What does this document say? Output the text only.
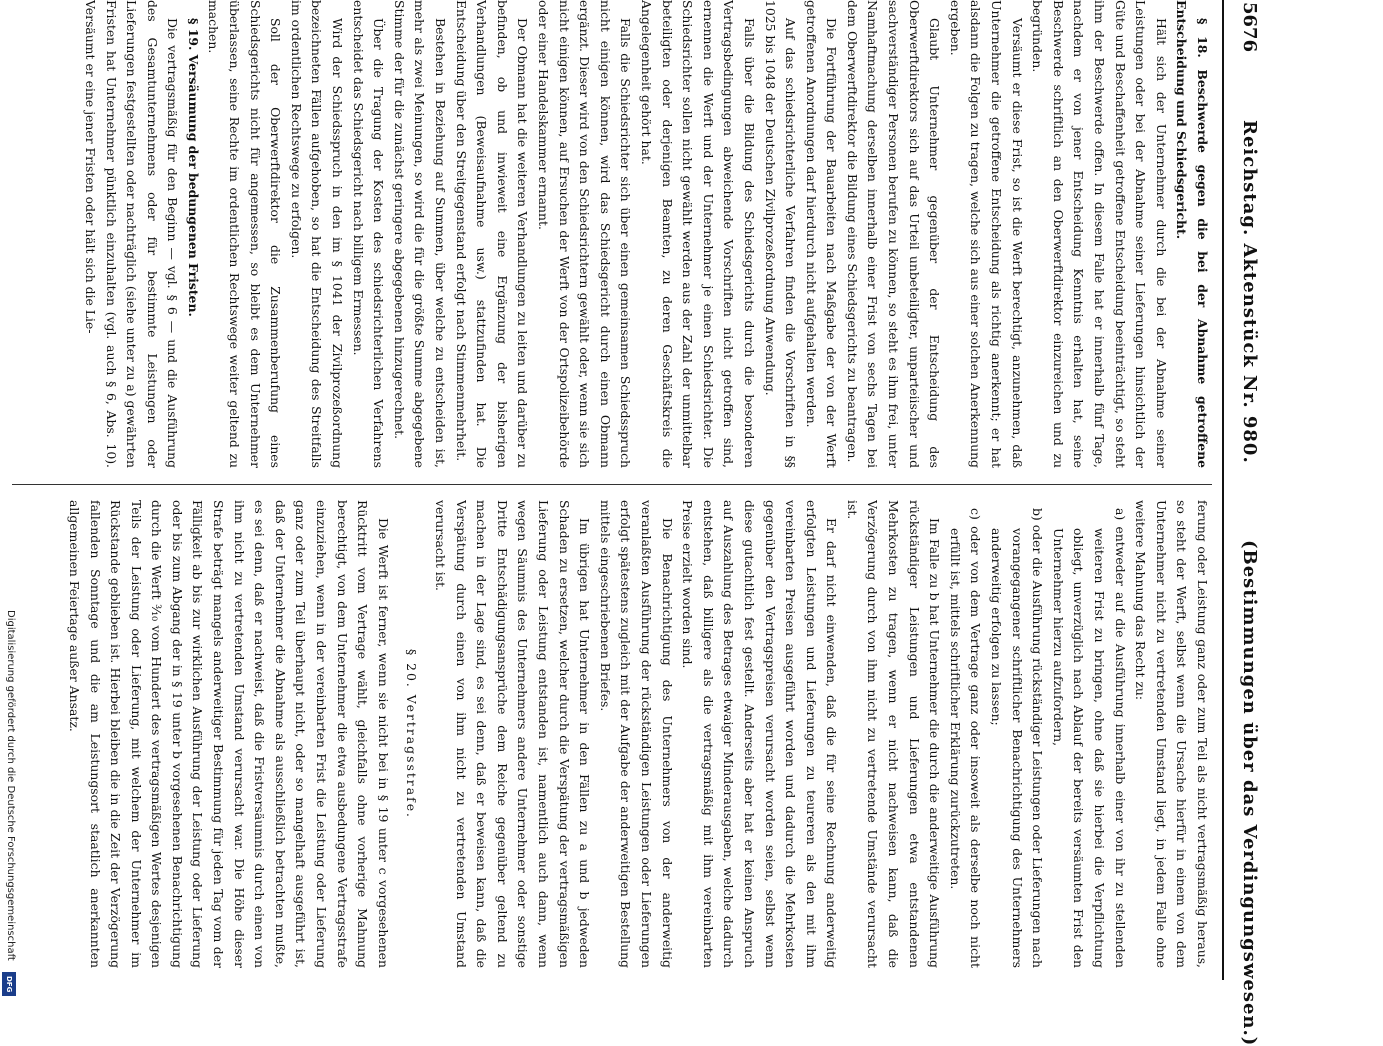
5676
Reichstag. Aktenstück Nr. 980.
(Bestimmungen über das Verdingungswesen.)

§ 18. Beschwerde gegen die bei der Abnahme getroffene Entscheidung und Schiedsgericht.

Hält sich der Unternehmer durch die bei der Abnahme seiner Leistungen oder bei der Abnahme seiner Lieferungen hinsichtlich der Güte und Beschaffenheit getroffene Entscheidung beeinträchtigt, so steht ihm der Beschwerde offen. In diesem Falle hat er innerhalb fünf Tage, nachdem er von jener Entscheidung Kenntnis erhalten hat, seine Beschwerde schriftlich an den Oberwerftdirektor einzureichen und zu begründen.

Versäumt er diese Frist, so ist die Werft berechtigt, anzunehmen, daß Unternehmer die getroffene Entscheidung als richtig anerkennt; er hat alsdann die Folgen zu tragen, welche sich aus einer solchen Anerkennung ergeben.

Glaubt Unternehmer gegenüber der Entscheidung des Oberwerftdirektors sich auf das Urteil unbeteiligter, unparteiischer und sachverständiger Personen berufen zu können, so steht es ihm frei, unter Namhaftmachung derselben innerhalb einer Frist von sechs Tagen bei dem Oberwerftdirektor die Bildung eines Schiedsgerichts zu beantragen.

Die Fortführung der Bauarbeiten nach Maßgabe der von der Werft getroffenen Anordnungen darf hierdurch nicht aufgehalten werden.

Auf das schiedsrichterliche Verfahren finden die Vorschriften in §§ 1025 bis 1048 der Deutschen Zivilprozeßordnung Anwendung.

Falls über die Bildung des Schiedsgerichts durch die besonderen Vertragsbedingungen abweichende Vorschriften nicht getroffen sind, ernennen die Werft und der Unternehmer je einen Schiedsrichter. Die Schiedsrichter sollen nicht gewählt werden aus der Zahl der unmittelbar beteiligten oder derjenigen Beamten, zu deren Geschäftskreis die Angelegenheit gehört hat.

Falls die Schiedsrichter sich über einen gemeinsamen Schiedsspruch nicht einigen können, wird das Schiedsgericht durch einen Obmann ergänzt. Dieser wird von den Schiedsrichtern gewählt oder, wenn sie sich nicht einigen können, auf Ersuchen der Werft von der Ortspolizeibehörde oder einer Handelskammer ernannt.

Der Obmann hat die weiteren Verhandlungen zu leiten und darüber zu befinden, ob und inwieweit eine Ergänzung der bisherigen Verhandlungen (Beweisaufnahme usw.) stattzufinden hat. Die Entscheidung über den Streitgegenstand erfolgt nach Stimmenmehrheit.

Bestehen in Beziehung auf Summen, über welche zu entscheiden ist, mehr als zwei Meinungen, so wird die für die größte Summe abgegebene Stimme der für die zunächst geringere abgegebenen hinzugerechnet.

Über die Tragung der Kosten des schiedsrichterlichen Verfahrens entscheidet das Schiedsgericht nach billigem Ermessen.

Wird der Schiedsspruch in den im § 1041 der Zivilprozeßordnung bezeichneten Fällen aufgehoben, so hat die Entscheidung des Streitfalls im ordentlichen Rechtswege zu erfolgen.

Soll der Oberwerftdirektor die Zusammenberufung eines Schiedsgerichts nicht für angemessen, so bleibt es dem Unternehmer überlassen, seine Rechte im ordentlichen Rechtswege weiter geltend zu machen.

§ 19. Versäumung der bedungenen Fristen.

Die vertragsmäßig für den Beginn — vgl. § 6 — und die Ausführung des Gesamtunternehmens oder für bestimmte Leistungen oder Lieferungen festgestellten oder nachträglich (siehe unter zu a) gewährten Fristen hat Unternehmer pünktlich einzuhalten (vgl. auch § 6, Abs. 10). Versäumt er eine jener Fristen oder hält sich die Lie-

ferung oder Leistung ganz oder zum Teil als nicht vertragsmäßig heraus, so steht der Werft, selbst wenn die Ursache hierfür in einem von dem Unternehmer nicht zu vertretenden Umstand liegt, in jedem Falle ohne weitere Mahnung das Recht zu:

a) entweder auf die Ausführung innerhalb einer von ihr zu stellenden weiteren Frist zu bringen, ohne daß sie hierbei die Verpflichtung obliegt, unverzüglich nach Ablauf der bereits versäumten Frist den Unternehmer hierzu aufzufordern,

b) oder die Ausführung rückständiger Leistungen oder Lieferungen nach vorangegangener schriftlicher Benachrichtigung des Unternehmers anderweitig erfolgen zu lassen;

c) oder von dem Vertrage ganz oder insoweit als derselbe noch nicht erfüllt ist, mittels schriftlicher Erklärung zurückzutreten.

Im Falle zu b hat Unternehmer die durch die anderweitige Ausführung rückständiger Leistungen und Lieferungen etwa entstandenen Mehrkosten zu tragen, wenn er nicht nachweisen kann, daß die Verzögerung durch von ihm nicht zu vertretende Umstände verursacht ist.

Er darf nicht einwenden, daß die für seine Rechnung anderweitig erfolgten Leistungen und Lieferungen zu teureren als den mit ihm vereinbarten Preisen ausgeführt worden und dadurch die Mehrkosten gegenüber den Vertragspreisen verursacht worden seien, selbst wenn diese gutachtlich fest gestellt. Anderseits aber hat er keinen Anspruch auf Auszahlung des Betrages etwaiger Minderausgaben, welche dadurch entstehen, daß billigere als die vertragsmäßig mit ihm vereinbarten Preise erzielt worden sind.

Die Benachrichtigung des Unternehmers von der anderweitig veranlaßten Ausführung der rückständigen Leistungen oder Lieferungen erfolgt spätestens zugleich mit der Aufgabe der anderweitigen Bestellung mittels eingeschriebenen Briefes.

Im übrigen hat Unternehmer in den Fällen zu a und b jedweden Schaden zu ersetzen, welcher durch die Verspätung der vertragsmäßigen Lieferung oder Leistung entstanden ist, namentlich auch dann, wenn wegen Säumnis des Unternehmers andere Unternehmer oder sonstige Dritte Entschädigungsansprüche dem Reiche gegenüber geltend zu machen in der Lage sind, es sei denn, daß er beweisen kann, daß die Verspätung durch einen von ihm nicht zu vertretenden Umstand verursacht ist.

§ 20. Vertragsstrafe.

Die Werft ist ferner, wenn sie nicht bei in § 19 unter c vorgesehenen Rücktritt vom Vertrage wählt, gleichfalls ohne vorherige Mahnung berechtigt, von dem Unternehmer die etwa ausbedungene Vertragsstrafe einzuziehen, wenn in der vereinbarten Frist die Leistung oder Lieferung ganz oder zum Teil überhaupt nicht, oder so mangelhaft ausgeführt ist, daß der Unternehmer die Abnahme als ausschließlich betrachten mußte, es sei denn, daß er nachweist, daß die Fristversäumnis durch einen von ihm nicht zu vertretenden Umstand verursacht war. Die Höhe dieser Strafe beträgt mangels anderweitiger Bestimmung für jeden Tag vom der Fälligkeit ab bis zur wirklichen Ausführung der Leistung oder Lieferung oder bis zum Abgang der in § 19 unter b vorgesehenen Benachrichtigung durch die Werft ³⁄₁₀ vom Hundert des vertragsmäßigen Wertes desjenigen Teils der Leistung oder Lieferung, mit welchem der Unternehmer im Rückstande geblieben ist. Hierbei bleiben die in die Zeit der Verzögerung fallenden Sonntage und die am Leistungsort staatlich anerkannten allgemeinen Feiertage außer Ansatz.

Digitalisierung gefördert durch die Deutsche Forschungsgemeinschaft
DFG
